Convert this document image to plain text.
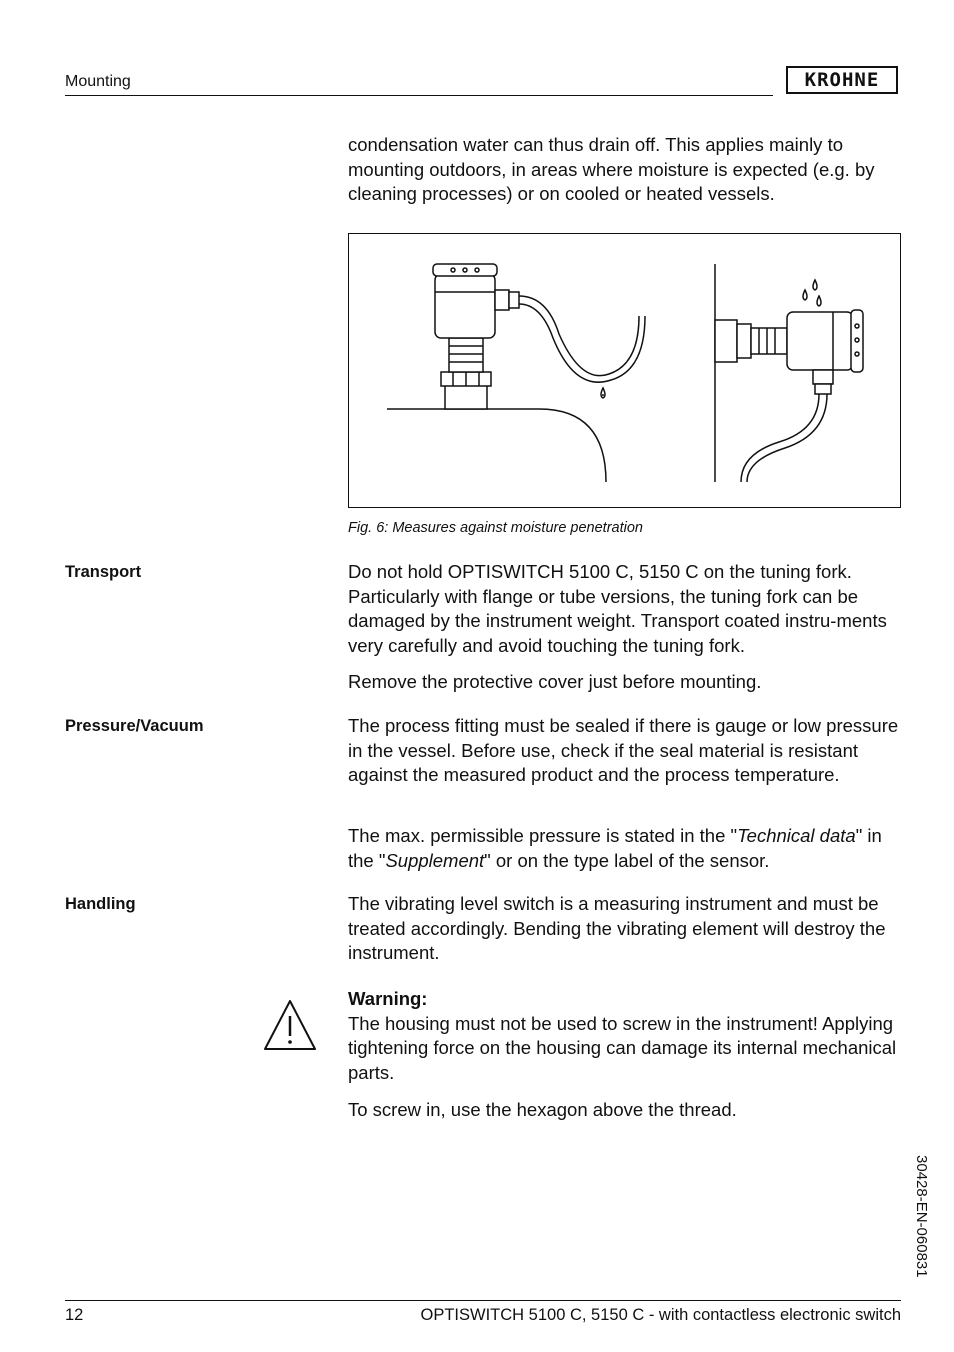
Mounting	KROHNE
condensation water can thus drain off. This applies mainly to mounting outdoors, in areas where moisture is expected (e.g. by cleaning processes) or on cooled or heated vessels.
Fig. 6: Measures against moisture penetration
Transport	Do not hold OPTISWITCH 5100 C, 5150 C on the tuning fork. Particularly with flange or tube versions, the tuning fork can be damaged by the instrument weight. Transport coated instru-ments very carefully and avoid touching the tuning fork.
Remove the protective cover just before mounting.
Pressure/Vacuum	The process fitting must be sealed if there is gauge or low pressure in the vessel. Before use, check if the seal material is resistant against the measured product and the process temperature.
The max. permissible pressure is stated in the "Technical data" in the "Supplement" or on the type label of the sensor.
Handling	The vibrating level switch is a measuring instrument and must be treated accordingly. Bending the vibrating element will destroy the instrument.
Warning:
The housing must not be used to screw in the instrument! Applying tightening force on the housing can damage its internal mechanical parts.
To screw in, use the hexagon above the thread.
30428-EN-060831
12	OPTISWITCH 5100 C, 5150 C - with contactless electronic switch
